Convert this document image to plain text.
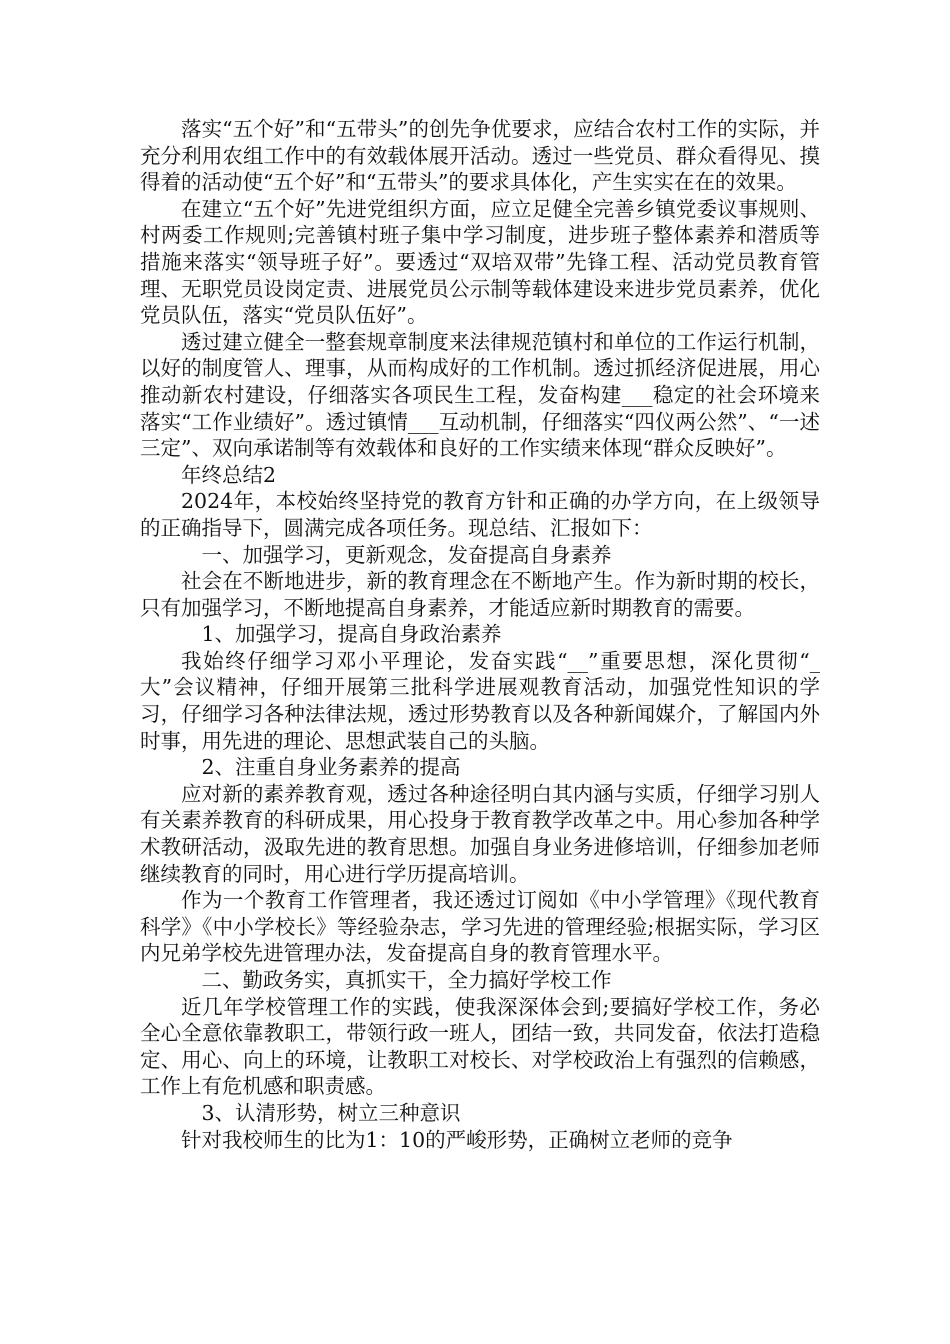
落实“五个好”和“五带头”的创先争优要求，应结合农村工作的实际，并充分利用农组工作中的有效载体展开活动。透过一些党员、群众看得见、摸得着的活动使“五个好”和“五带头”的要求具体化，产生实实在在的效果。

在建立“五个好”先进党组织方面，应立足健全完善乡镇党委议事规则、村两委工作规则;完善镇村班子集中学习制度，进步班子整体素养和潜质等措施来落实“领导班子好”。要透过“双培双带”先锋工程、活动党员教育管理、无职党员设岗定责、进展党员公示制等载体建设来进步党员素养，优化党员队伍，落实“党员队伍好”。

透过建立健全一整套规章制度来法律规范镇村和单位的工作运行机制，以好的制度管人、理事，从而构成好的工作机制。透过抓经济促进展，用心推动新农村建设，仔细落实各项民生工程，发奋构建___稳定的社会环境来落实“工作业绩好”。透过镇情___互动机制，仔细落实“四仪两公然”、“一述三定”、双向承诺制等有效载体和良好的工作实绩来体现“群众反映好”。

年终总结2

2024年，本校始终坚持党的教育方针和正确的办学方向，在上级领导的正确指导下，圆满完成各项任务。现总结、汇报如下：

一、加强学习，更新观念，发奋提高自身素养

社会在不断地进步，新的教育理念在不断地产生。作为新时期的校长，只有加强学习，不断地提高自身素养，才能适应新时期教育的需要。

1、加强学习，提高自身政治素养

我始终仔细学习邓小平理论，发奋实践“__”重要思想，深化贯彻“_大”会议精神，仔细开展第三批科学进展观教育活动，加强党性知识的学习，仔细学习各种法律法规，透过形势教育以及各种新闻媒介，了解国内外时事，用先进的理论、思想武装自己的头脑。

2、注重自身业务素养的提高

应对新的素养教育观，透过各种途径明白其内涵与实质，仔细学习别人有关素养教育的科研成果，用心投身于教育教学改革之中。用心参加各种学术教研活动，汲取先进的教育思想。加强自身业务进修培训，仔细参加老师继续教育的同时，用心进行学历提高培训。

作为一个教育工作管理者，我还透过订阅如《中小学管理》《现代教育科学》《中小学校长》等经验杂志，学习先进的管理经验;根据实际，学习区内兄弟学校先进管理办法，发奋提高自身的教育管理水平。

二、勤政务实，真抓实干，全力搞好学校工作

近几年学校管理工作的实践，使我深深体会到;要搞好学校工作，务必全心全意依靠教职工，带领行政一班人，团结一致，共同发奋，依法打造稳定、用心、向上的环境，让教职工对校长、对学校政治上有强烈的信赖感，工作上有危机感和职责感。

3、认清形势，树立三种意识

针对我校师生的比为1：10的严峻形势，正确树立老师的竞争
